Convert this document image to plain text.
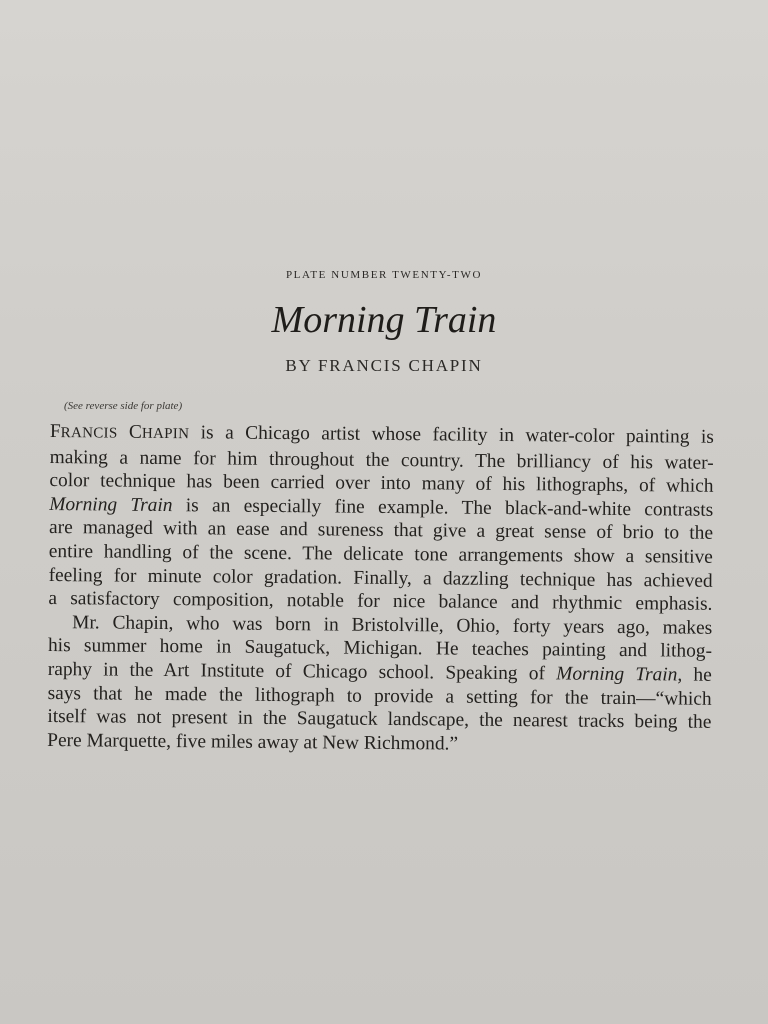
PLATE NUMBER TWENTY-TWO
Morning Train
BY FRANCIS CHAPIN
(See reverse side for plate)
FRANCIS CHAPIN is a Chicago artist whose facility in water-color painting is
making a name for him throughout the country. The brilliancy of his water-
color technique has been carried over into many of his lithographs, of which
Morning Train is an especially fine example. The black-and-white contrasts
are managed with an ease and sureness that give a great sense of brio to the
entire handling of the scene. The delicate tone arrangements show a sensitive
feeling for minute color gradation. Finally, a dazzling technique has achieved
a satisfactory composition, notable for nice balance and rhythmic emphasis.
Mr. Chapin, who was born in Bristolville, Ohio, forty years ago, makes
his summer home in Saugatuck, Michigan. He teaches painting and lithog-
raphy in the Art Institute of Chicago school. Speaking of Morning Train, he
says that he made the lithograph to provide a setting for the train—“which
itself was not present in the Saugatuck landscape, the nearest tracks being the
Pere Marquette, five miles away at New Richmond.”
